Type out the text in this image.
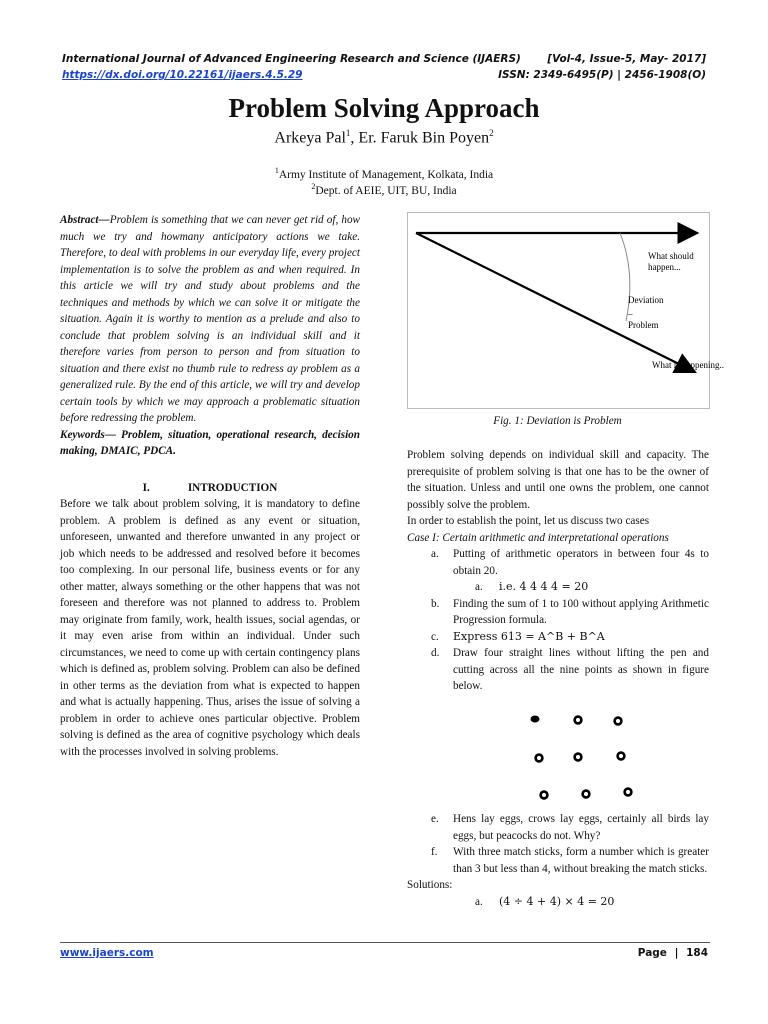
International Journal of Advanced Engineering Research and Science (IJAERS)	[Vol-4, Issue-5, May- 2017]
https://dx.doi.org/10.22161/ijaers.4.5.29	ISSN: 2349-6495(P) | 2456-1908(O)
Problem Solving Approach
Arkeya Pal$^1$, Er. Faruk Bin Poyen$^2$
$^1$Army Institute of Management, Kolkata, India
$^2$Dept. of AEIE, UIT, BU, India

Abstract—Problem is something that we can never get rid of, how much we try and howmany anticipatory actions we take. Therefore, to deal with problems in our everyday life, every project implementation is to solve the problem as and when required. In this article we will try and study about problems and the techniques and methods by which we can solve it or mitigate the situation. Again it is worthy to mention as a prelude and also to conclude that problem solving is an individual skill and it therefore varies from person to person and from situation to situation and there exist no thumb rule to redress ay problem as a generalized rule. By the end of this article, we will try and develop certain tools by which we may approach a problematic situation before redressing the problem.

Keywords— Problem, situation, operational research, decision making, DMAIC, PDCA.

I.	INTRODUCTION

Before we talk about problem solving, it is mandatory to define problem. A problem is defined as any event or situation, unforeseen, unwanted and therefore unwanted in any project or job which needs to be addressed and resolved before it becomes too complexing. In our personal life, business events or for any other matter, always something or the other happens that was not foreseen and therefore was not planned to address to. Problem may originate from family, work, health issues, social agendas, or it may even arise from within an individual. Under such circumstances, we need to come up with certain contingency plans which is defined as, problem solving. Problem can also be defined in other terms as the deviation from what is expected to happen and what is actually happening. Thus, arises the issue of solving a problem in order to achieve ones particular objective. Problem solving is defined as the area of cognitive psychology which deals with the processes involved in solving problems.

What should
happen...
Deviation
–
Problem
What is happening..
Fig. 1: Deviation is Problem

Problem solving depends on individual skill and capacity. The prerequisite of problem solving is that one has to be the owner of the situation. Unless and until one owns the problem, one cannot possibly solve the problem.

In order to establish the point, let us discuss two cases

Case I: Certain arithmetic and interpretational operations

a. Putting of arithmetic operators in between four 4s to obtain 20.
a. i.e. 4 4 4 4 = 20
b. Finding the sum of 1 to 100 without applying Arithmetic Progression formula.
c. Express 613 = A^B + B^A
d. Draw four straight lines without lifting the pen and cutting across all the nine points as shown in figure below.
e. Hens lay eggs, crows lay eggs, certainly all birds lay eggs, but peacocks do not. Why?
f. With three match sticks, form a number which is greater than 3 but less than 4, without breaking the match sticks.

Solutions:

a. (4 ÷ 4 + 4) × 4 = 20
www.ijaers.com	Page | 184
